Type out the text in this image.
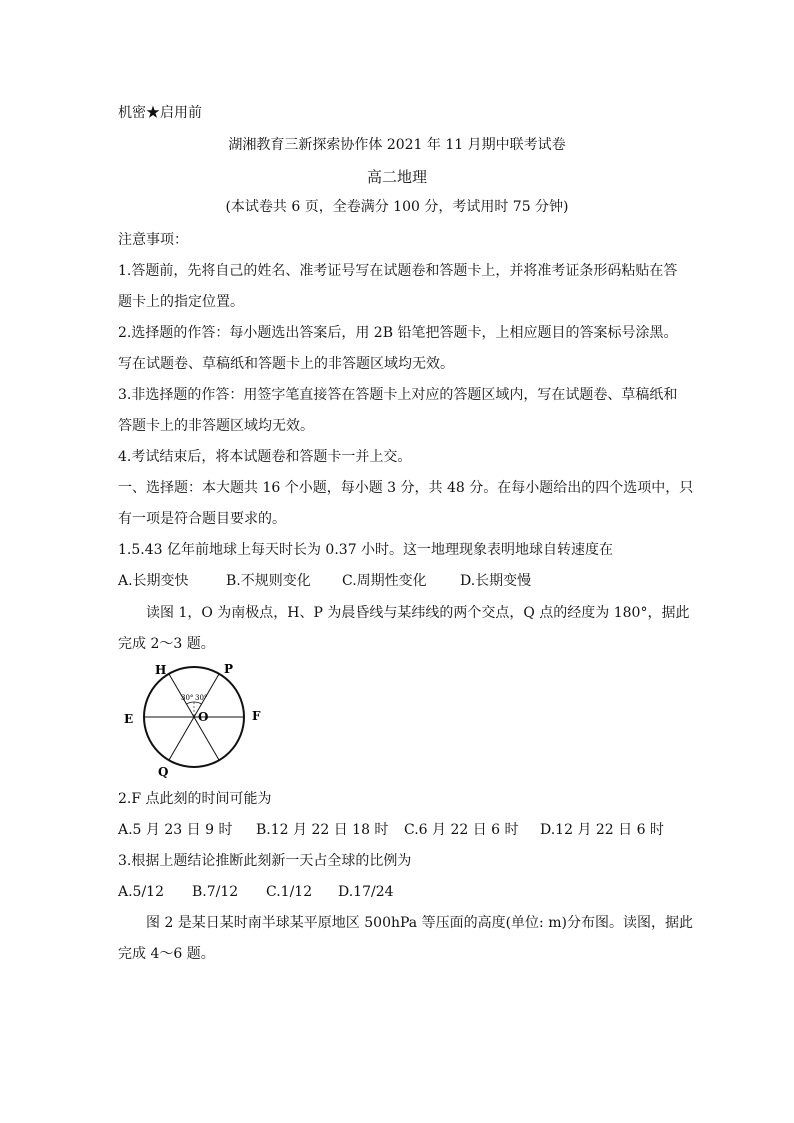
机密★启用前
湖湘教育三新探索协作体 2021 年 11 月期中联考试卷
高二地理
(本试卷共 6 页，全卷满分 100 分，考试用时 75 分钟)
注意事项：
1.答题前，先将自己的姓名、准考证号写在试题卷和答题卡上，并将准考证条形码粘贴在答
题卡上的指定位置。
2.选择题的作答：每小题选出答案后，用 2B 铅笔把答题卡，上相应题目的答案标号涂黑。
写在试题卷、草稿纸和答题卡上的非答题区域均无效。
3.非选择题的作答：用签字笔直接答在答题卡上对应的答题区域内，写在试题卷、草稿纸和
答题卡上的非答题区域均无效。
4.考试结束后，将本试题卷和答题卡一并上交。
一、选择题：本大题共 16 个小题，每小题 3 分，共 48 分。在每小题给出的四个选项中，只
有一项是符合题目要求的。
1.5.43 亿年前地球上每天时长为 0.37 小时。这一地理现象表明地球自转速度在
A.长期变快	B.不规则变化 C.周期性变化 D.长期变慢
读图 1，O 为南极点，H、P 为晨昏线与某纬线的两个交点，Q 点的经度为 180°，据此
完成 2～3 题。
30° 30°
H	P
E	F
O
Q
2.F 点此刻的时间可能为
A.5 月 23 日 9 时 B.12 月 22 日 18 时 C.6 月 22 日 6 时 D.12 月 22 日 6 时
3.根据上题结论推断此刻新一天占全球的比例为
A.5/12 B.7/12 C.1/12 D.17/24
图 2 是某日某时南半球某平原地区 500hPa 等压面的高度(单位: m)分布图。读图，据此
完成 4～6 题。
